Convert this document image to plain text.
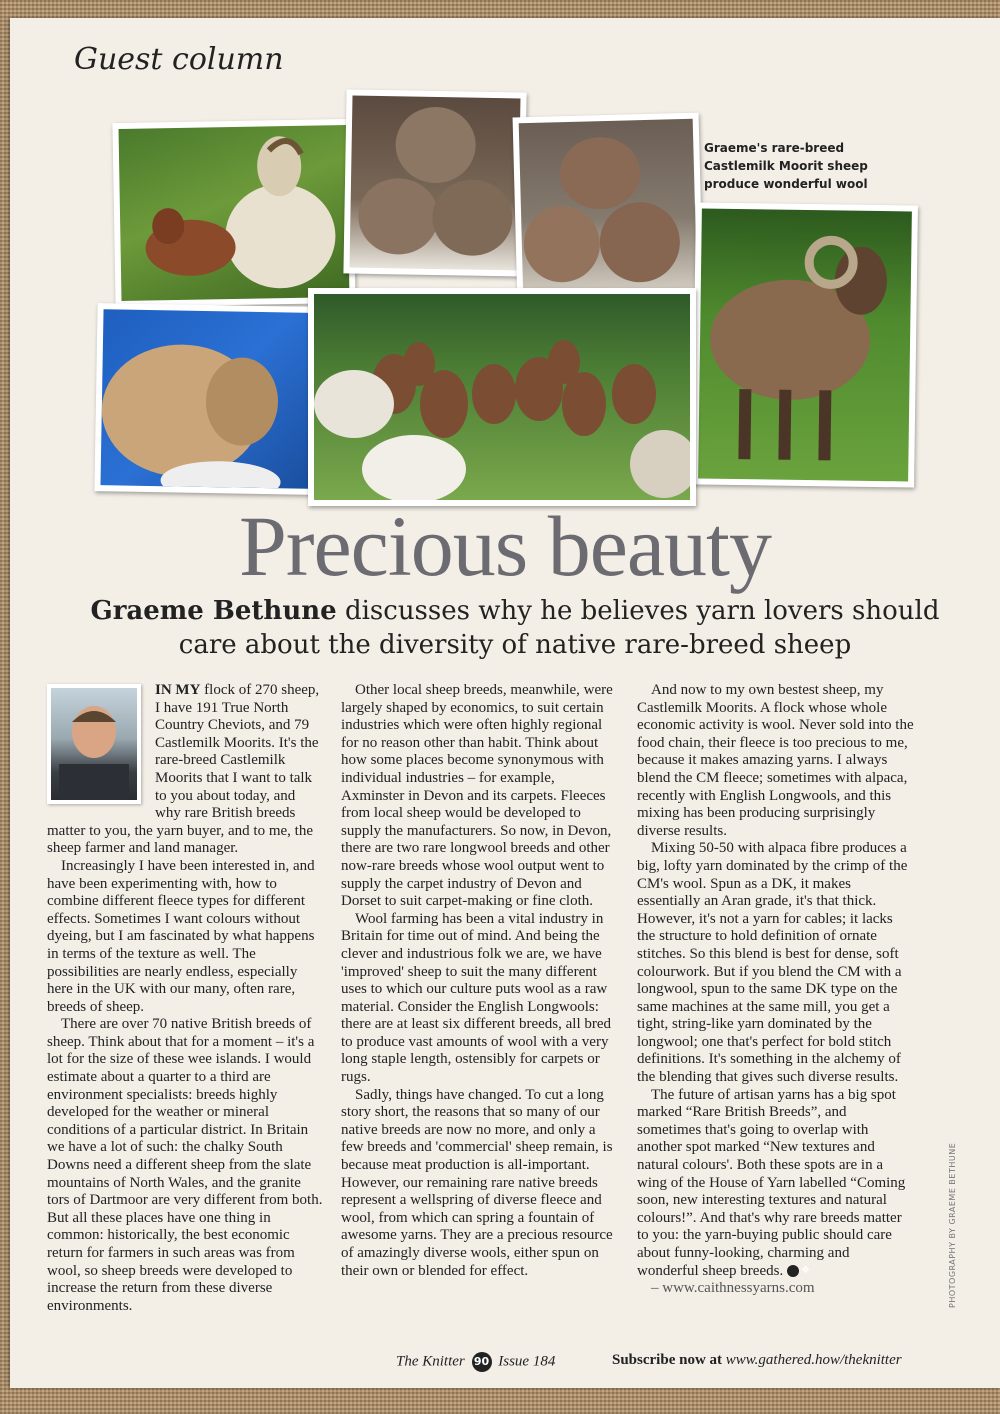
Guest column
Graeme's rare-breed Castlemilk Moorit sheep produce wonderful wool
Precious beauty
Graeme Bethune discusses why he believes yarn lovers should care about the diversity of native rare-breed sheep

IN MY flock of 270 sheep, I have 191 True North Country Cheviots, and 79 Castlemilk Moorits. It's the rare-breed Castlemilk Moorits that I want to talk to you about today, and why rare British breeds matter to you, the yarn buyer, and to me, the sheep farmer and land manager.

Increasingly I have been interested in, and have been experimenting with, how to combine different fleece types for different effects. Sometimes I want colours without dyeing, but I am fascinated by what happens in terms of the texture as well. The possibilities are nearly endless, especially here in the UK with our many, often rare, breeds of sheep.

There are over 70 native British breeds of sheep. Think about that for a moment – it's a lot for the size of these wee islands. I would estimate about a quarter to a third are environment specialists: breeds highly developed for the weather or mineral conditions of a particular district. In Britain we have a lot of such: the chalky South Downs need a different sheep from the slate mountains of North Wales, and the granite tors of Dartmoor are very different from both. But all these places have one thing in common: historically, the best economic return for farmers in such areas was from wool, so sheep breeds were developed to increase the return from these diverse environments.

Other local sheep breeds, meanwhile, were largely shaped by economics, to suit certain industries which were often highly regional for no reason other than habit. Think about how some places become synonymous with individual industries – for example, Axminster in Devon and its carpets. Fleeces from local sheep would be developed to supply the manufacturers. So now, in Devon, there are two rare longwool breeds and other now-rare breeds whose wool output went to supply the carpet industry of Devon and Dorset to suit carpet-making or fine cloth.

Wool farming has been a vital industry in Britain for time out of mind. And being the clever and industrious folk we are, we have 'improved' sheep to suit the many different uses to which our culture puts wool as a raw material. Consider the English Longwools: there are at least six different breeds, all bred to produce vast amounts of wool with a very long staple length, ostensibly for carpets or rugs.

Sadly, things have changed. To cut a long story short, the reasons that so many of our native breeds are now no more, and only a few breeds and 'commercial' sheep remain, is because meat production is all-important. However, our remaining rare native breeds represent a wellspring of diverse fleece and wool, from which can spring a fountain of awesome yarns. They are a precious resource of amazingly diverse wools, either spun on their own or blended for effect.

And now to my own bestest sheep, my Castlemilk Moorits. A flock whose whole economic activity is wool. Never sold into the food chain, their fleece is too precious to me, because it makes amazing yarns. I always blend the CM fleece; sometimes with alpaca, recently with English Longwools, and this mixing has been producing surprisingly diverse results.

Mixing 50-50 with alpaca fibre produces a big, lofty yarn dominated by the crimp of the CM's wool. Spun as a DK, it makes essentially an Aran grade, it's that thick. However, it's not a yarn for cables; it lacks the structure to hold definition of ornate stitches. So this blend is best for dense, soft colourwork. But if you blend the CM with a longwool, spun to the same DK type on the same machines at the same mill, you get a tight, string-like yarn dominated by the longwool; one that's perfect for bold stitch definitions. It's something in the alchemy of the blending that gives such diverse results.

The future of artisan yarns has a big spot marked “Rare British Breeds”, and sometimes that's going to overlap with another spot marked “New textures and natural colours'. Both these spots are in a wing of the House of Yarn labelled “Coming soon, new interesting textures and natural colours!”. And that's why rare breeds matter to you: the yarn-buying public should care about funny-looking, charming and wonderful sheep breeds. ❖

– www.caithnessyarns.com

The Knitter 90 Issue 184	Subscribe now at www.gathered.how/theknitter
PHOTOGRAPHY BY GRAEME BETHUNE
